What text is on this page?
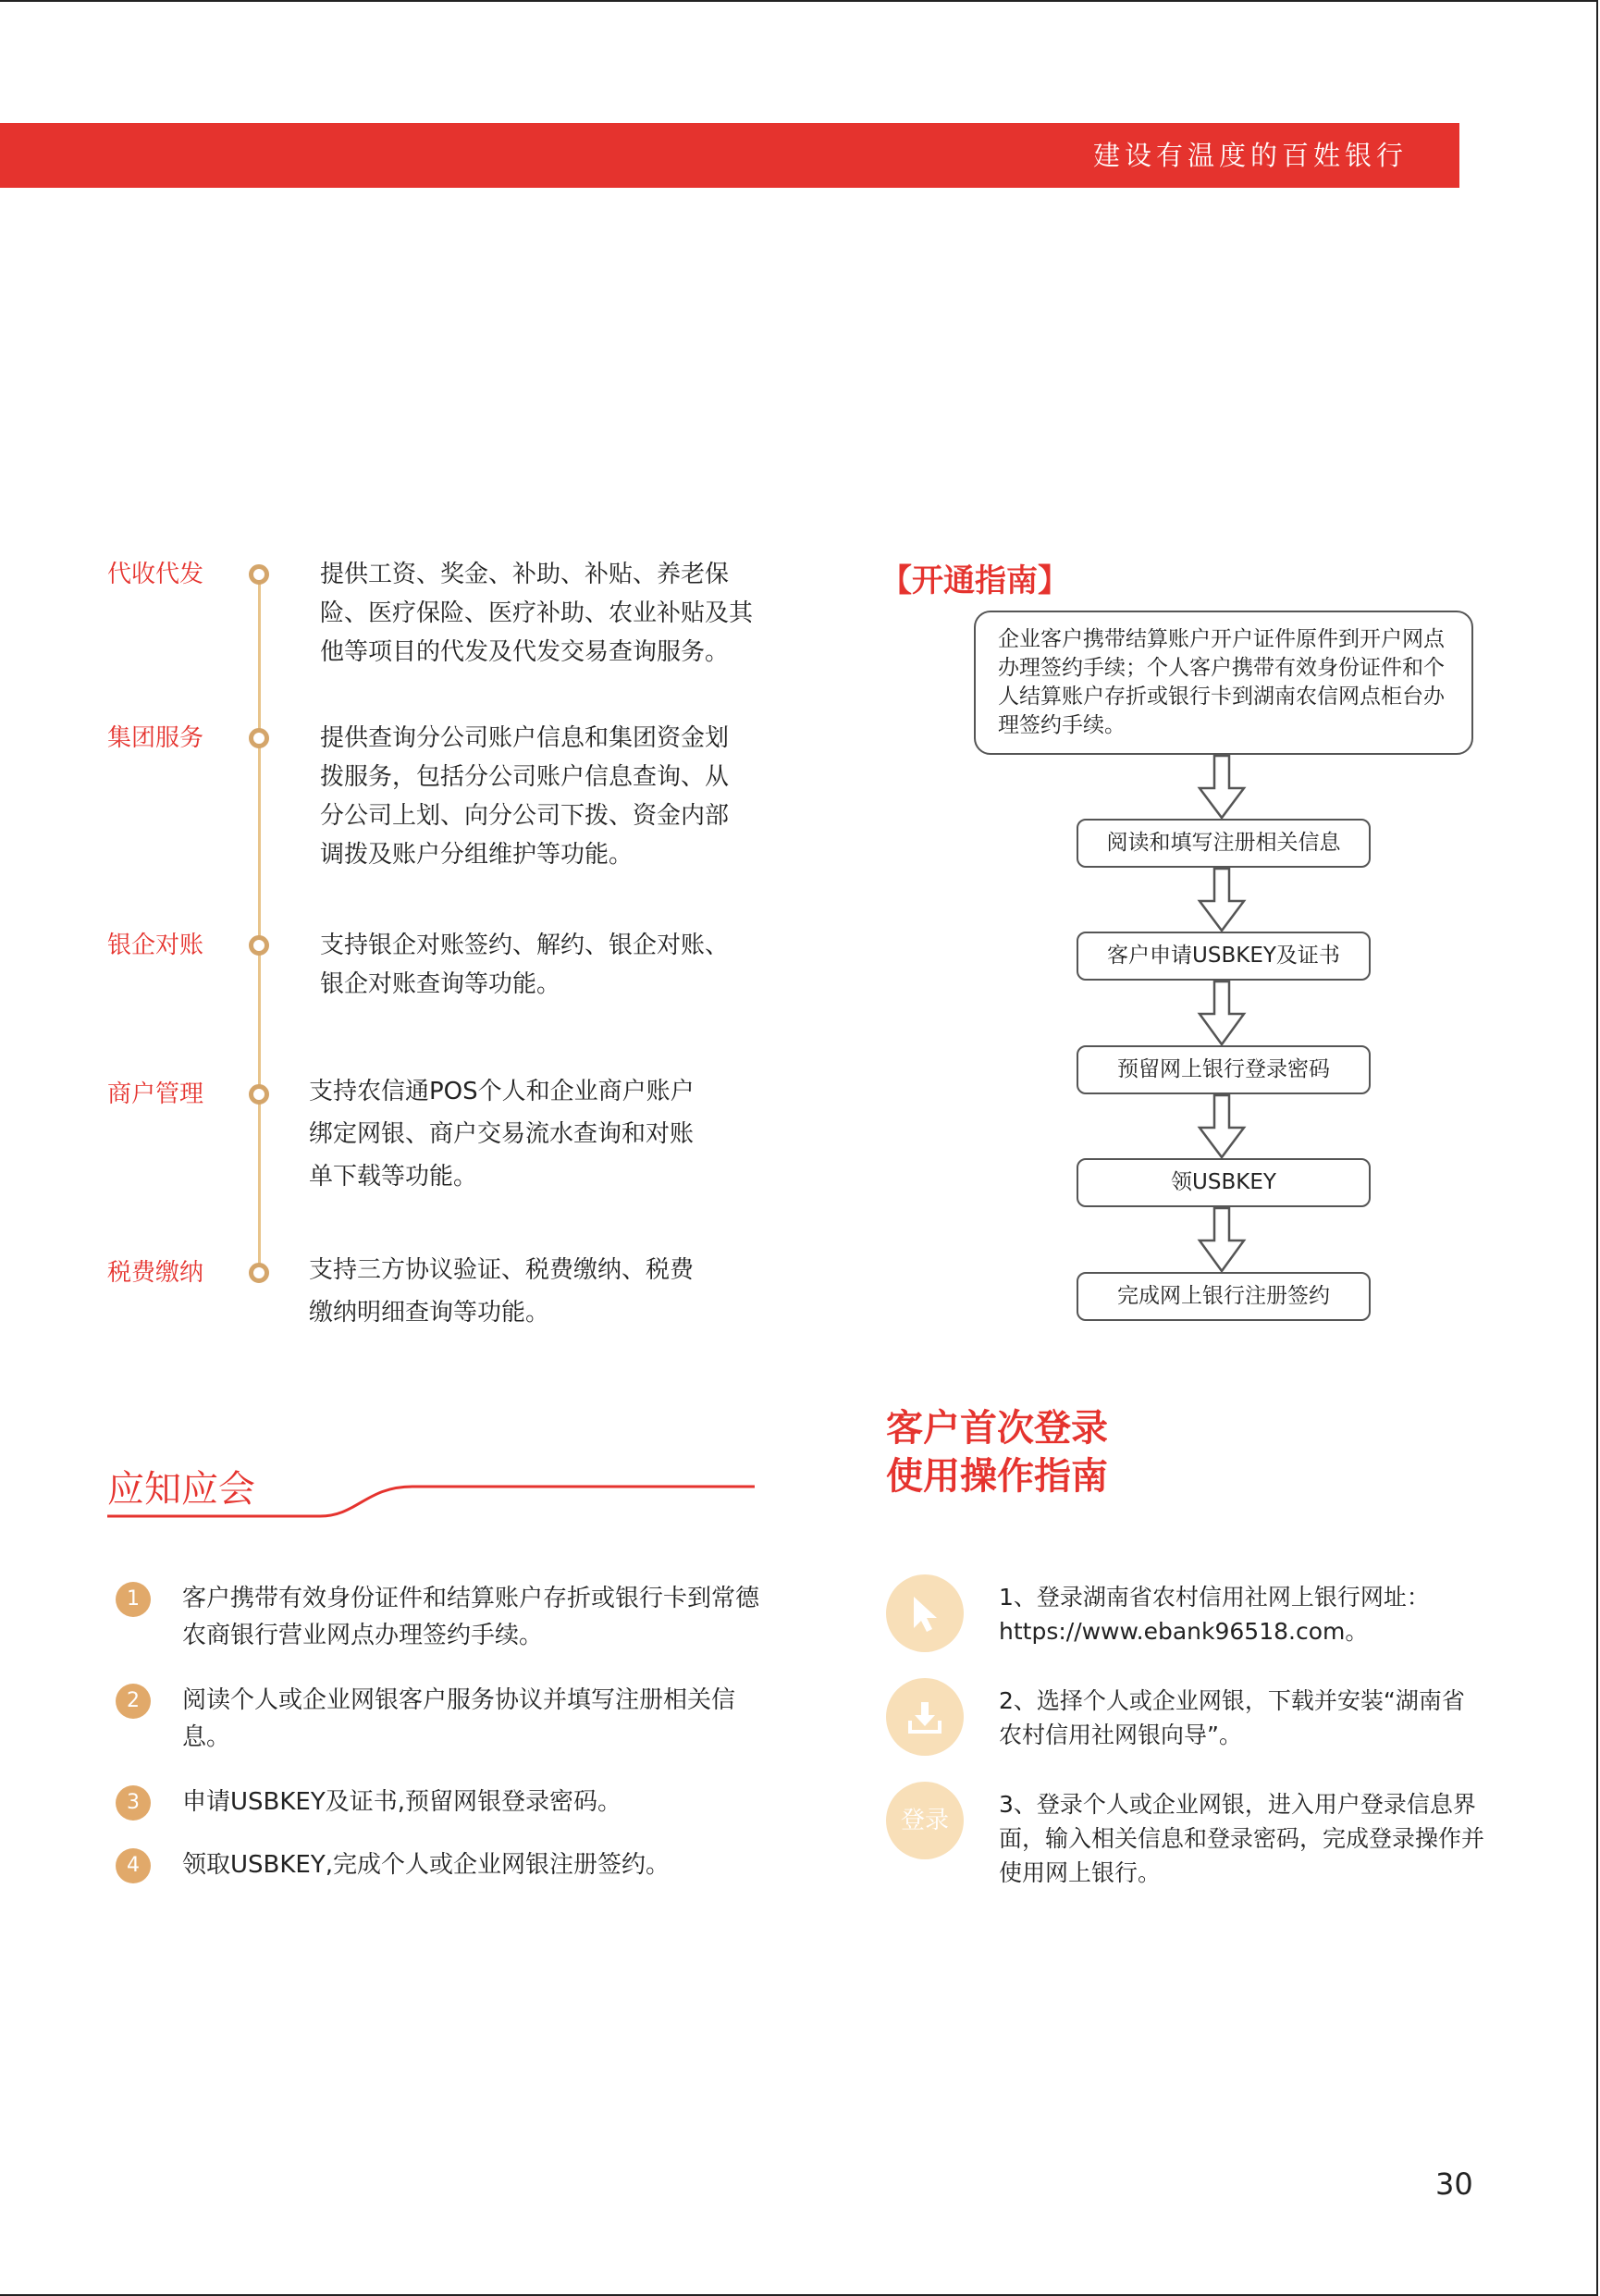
建设有温度的百姓银行
代收代发	提供工资、奖金、补助、补贴、养老保
险、医疗保险、医疗补助、农业补贴及其
他等项目的代发及代发交易查询服务。
集团服务	提供查询分公司账户信息和集团资金划
拨服务，包括分公司账户信息查询、从
分公司上划、向分公司下拨、资金内部
调拨及账户分组维护等功能。
银企对账	支持银企对账签约、解约、银企对账、
银企对账查询等功能。
商户管理	支持农信通POS个人和企业商户账户
绑定网银、商户交易流水查询和对账
单下载等功能。
税费缴纳	支持三方协议验证、税费缴纳、税费
缴纳明细查询等功能。
应知应会
1	客户携带有效身份证件和结算账户存折或银行卡到常德农商银行营业网点办理签约手续。
2	阅读个人或企业网银客户服务协议并填写注册相关信息。
3	申请USBKEY及证书,预留网银登录密码。
4	领取USBKEY,完成个人或企业网银注册签约。
【开通指南】
企业客户携带结算账户开户证件原件到开户网点办理签约手续；个人客户携带有效身份证件和个人结算账户存折或银行卡到湖南农信网点柜台办理签约手续。
阅读和填写注册相关信息
客户申请USBKEY及证书
预留网上银行登录密码
领USBKEY
完成网上银行注册签约
客户首次登录
使用操作指南
1、登录湖南省农村信用社网上银行网址：
https://www.ebank96518.com。
2、选择个人或企业网银，下载并安装“湖南省
农村信用社网银向导”。
登录
3、登录个人或企业网银，进入用户登录信息界
面，输入相关信息和登录密码，完成登录操作并
使用网上银行。
30
